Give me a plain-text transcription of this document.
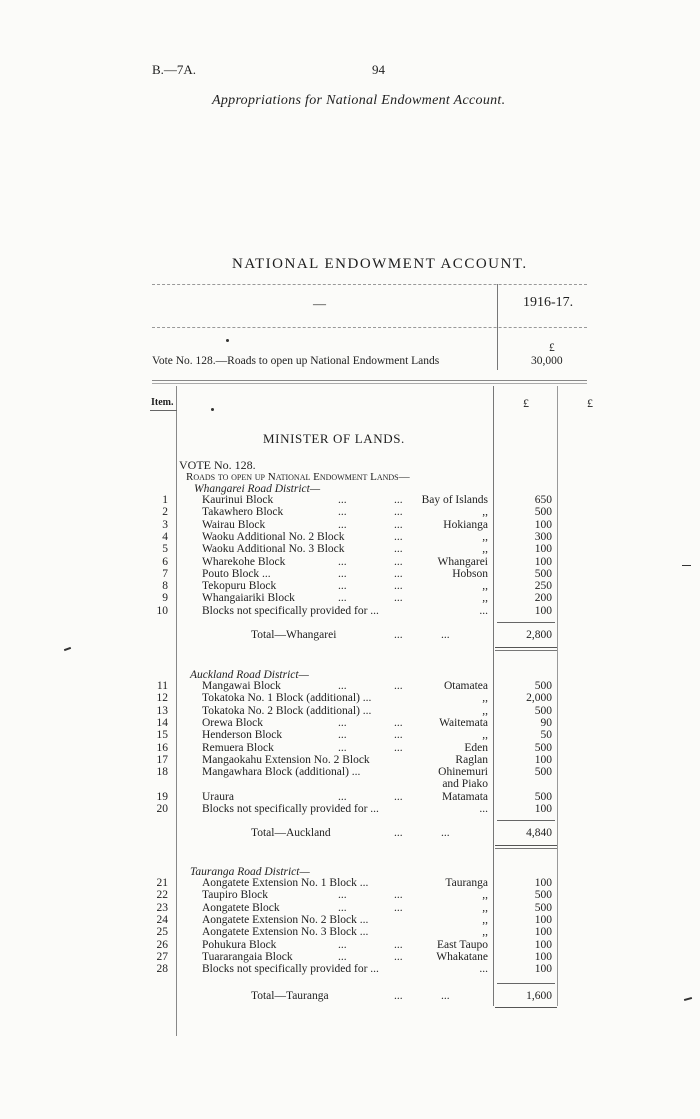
B.—7A.	94
Appropriations for National Endowment Account.
NATIONAL ENDOWMENT ACCOUNT.
—	1916-17.
£
Vote No. 128.—Roads to open up National Endowment Lands	30,000
Item.	£	£
MINISTER OF LANDS.
VOTE No. 128.
Roads to open up National Endowment Lands—
Whangarei Road District—
1	Kaurinui Block	...	... Bay of Islands	650
2	Takawhero Block	...	...	,,	500
3	Wairau Block	...	...	Hokianga	100
4	Waoku Additional No. 2 Block	...	,,	300
5	Waoku Additional No. 3 Block	...	,,	100
6	Wharekohe Block	...	...	Whangarei	100
7	Pouto Block ...	...	...	Hobson	500
8	Tekopuru Block	...	...	,,	250
9	Whangaiariki Block	...	...	,,	200
10	Blocks not specifically provided for ...	...	100
Total—Whangarei	...	...	2,800
Auckland Road District—
11	Mangawai Block	...	...	Otamatea	500
12	Tokatoka No. 1 Block (additional) ...	,,	2,000
13	Tokatoka No. 2 Block (additional) ...	,,	500
14	Orewa Block	...	...	Waitemata	90
15	Henderson Block	...	...	,,	50
16	Remuera Block	...	...	Eden	500
17	Mangaokahu Extension No. 2 Block	Raglan	100
18	Mangawhara Block (additional) ...	Ohinemuri	500
and Piako
19	Uraura	...	...	Matamata	500
20	Blocks not specifically provided for ...	...	100
Total—Auckland	...	...	4,840
Tauranga Road District—
21	Aongatete Extension No. 1 Block ...	Tauranga	100
22	Taupiro Block	...	...	,,	500
23	Aongatete Block	...	...	,,	500
24	Aongatete Extension No. 2 Block ...	,,	100
25	Aongatete Extension No. 3 Block ...	,,	100
26	Pohukura Block	...	...	East Taupo	100
27	Tuararangaia Block	...	...	Whakatane	100
28	Blocks not specifically provided for ...	...	100
Total—Tauranga	...	...	1,600
